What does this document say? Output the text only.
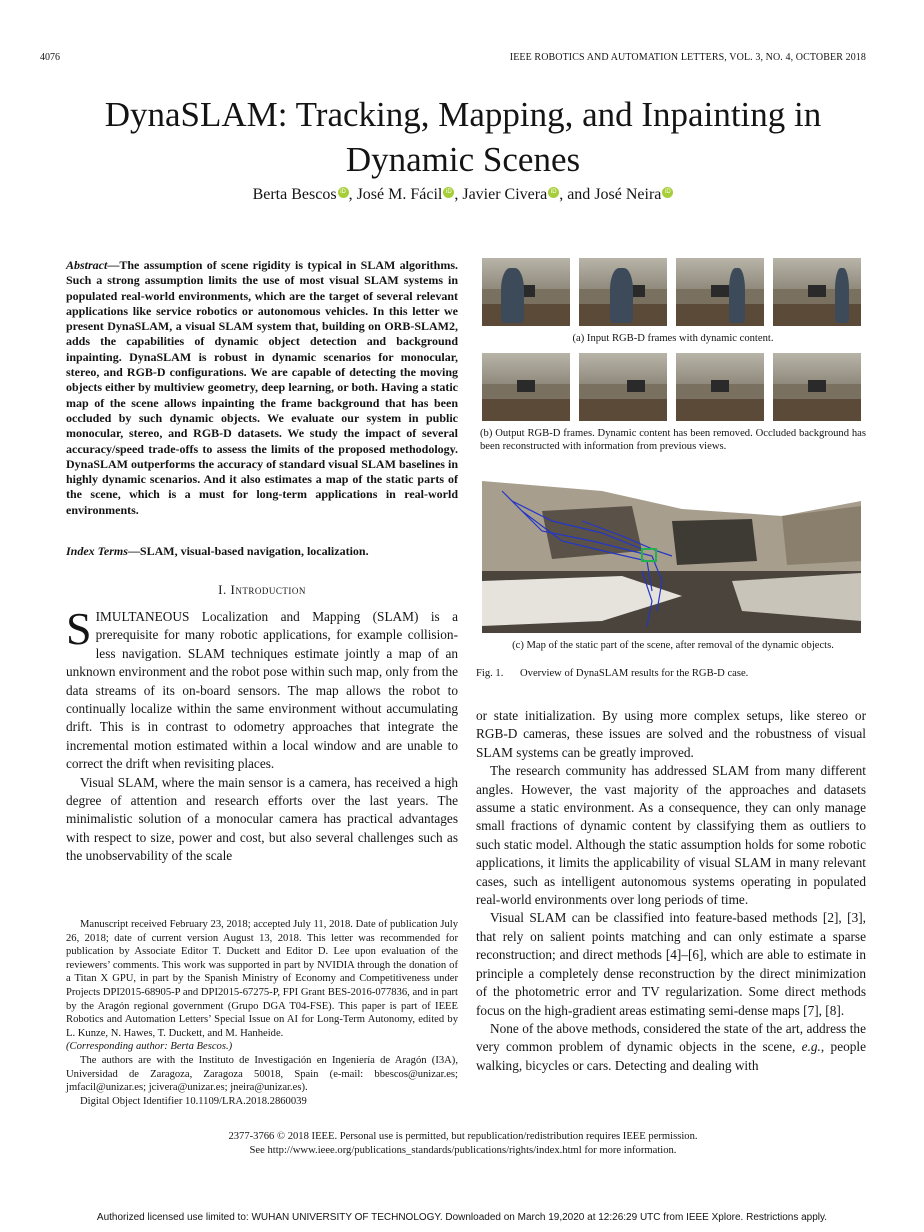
4076	IEEE ROBOTICS AND AUTOMATION LETTERS, VOL. 3, NO. 4, OCTOBER 2018
DynaSLAM: Tracking, Mapping, and Inpainting in
Dynamic Scenes
Berta Bescos iD , José M. Fácil iD , Javier Civera iD , and José Neira iD
Abstract—The assumption of scene rigidity is typical in SLAM algorithms. Such a strong assumption limits the use of most visual SLAM systems in populated real-world environments, which are the target of several relevant applications like service robotics or autonomous vehicles. In this letter we present DynaSLAM, a visual SLAM system that, building on ORB-SLAM2, adds the capabilities of dynamic object detection and background inpainting. DynaSLAM is robust in dynamic scenarios for monocular, stereo, and RGB-D configurations. We are capable of detecting the moving objects either by multiview geometry, deep learning, or both. Having a static map of the scene allows inpainting the frame background that has been occluded by such dynamic objects. We evaluate our system in public monocular, stereo, and RGB-D datasets. We study the impact of several accuracy/speed trade-offs to assess the limits of the proposed methodology. DynaSLAM outperforms the accuracy of standard visual SLAM baselines in highly dynamic scenarios. And it also estimates a map of the static parts of the scene, which is a must for long-term applications in real-world environments.
Index Terms—SLAM, visual-based navigation, localization.
I. Introduction
SIMULTANEOUS Localization and Mapping (SLAM) is a prerequisite for many robotic applications, for example collision-less navigation. SLAM techniques estimate jointly a map of an unknown environment and the robot pose within such map, only from the data streams of its on-board sensors. The map allows the robot to continually localize within the same environment without accumulating drift. This is in contrast to odometry approaches that integrate the incremental motion estimated within a local window and are unable to correct the drift when revisiting places.
Visual SLAM, where the main sensor is a camera, has received a high degree of attention and research efforts over the last years. The minimalistic solution of a monocular camera has practical advantages with respect to size, power and cost, but also several challenges such as the unobservability of the scale

Manuscript received February 23, 2018; accepted July 11, 2018. Date of publication July 26, 2018; date of current version August 13, 2018. This letter was recommended for publication by Associate Editor T. Duckett and Editor D. Lee upon evaluation of the reviewers’ comments. This work was supported in part by NVIDIA through the donation of a Titan X GPU, in part by the Spanish Ministry of Economy and Competitiveness under Projects DPI2015-68905-P and DPI2015-67275-P, FPI Grant BES-2016-077836, and in part by the Aragón regional government (Grupo DGA T04-FSE). This paper is part of IEEE Robotics and Automation Letters’ Special Issue on AI for Long-Term Autonomy, edited by L. Kunze, N. Hawes, T. Duckett, and M. Hanheide.

(Corresponding author: Berta Bescos.)

The authors are with the Instituto de Investigación en Ingeniería de Aragón (I3A), Universidad de Zaragoza, Zaragoza 50018, Spain (e-mail: bbescos@unizar.es; jmfacil@unizar.es; jcivera@unizar.es; jneira@unizar.es).

Digital Object Identifier 10.1109/LRA.2018.2860039

(a) Input RGB-D frames with dynamic content.
(b) Output RGB-D frames. Dynamic content has been removed. Occluded background has been reconstructed with information from previous views.
(c) Map of the static part of the scene, after removal of the dynamic objects.
Fig. 1. Overview of DynaSLAM results for the RGB-D case.

or state initialization. By using more complex setups, like stereo or RGB-D cameras, these issues are solved and the robustness of visual SLAM systems can be greatly improved.

The research community has addressed SLAM from many different angles. However, the vast majority of the approaches and datasets assume a static environment. As a consequence, they can only manage small fractions of dynamic content by classifying them as outliers to such static model. Although the static assumption holds for some robotic applications, it limits the applicability of visual SLAM in many relevant cases, such as intelligent autonomous systems operating in populated real-world environments over long periods of time.

Visual SLAM can be classified into feature-based methods [2], [3], that rely on salient points matching and can only estimate a sparse reconstruction; and direct methods [4]–[6], which are able to estimate in principle a completely dense reconstruction by the direct minimization of the photometric error and TV regularization. Some direct methods focus on the high-gradient areas estimating semi-dense maps [7], [8].

None of the above methods, considered the state of the art, address the very common problem of dynamic objects in the scene, e.g., people walking, bicycles or cars. Detecting and dealing with

2377-3766 © 2018 IEEE. Personal use is permitted, but republication/redistribution requires IEEE permission.
See http://www.ieee.org/publications_standards/publications/rights/index.html for more information.
Authorized licensed use limited to: WUHAN UNIVERSITY OF TECHNOLOGY. Downloaded on March 19,2020 at 12:26:29 UTC from IEEE Xplore. Restrictions apply.
